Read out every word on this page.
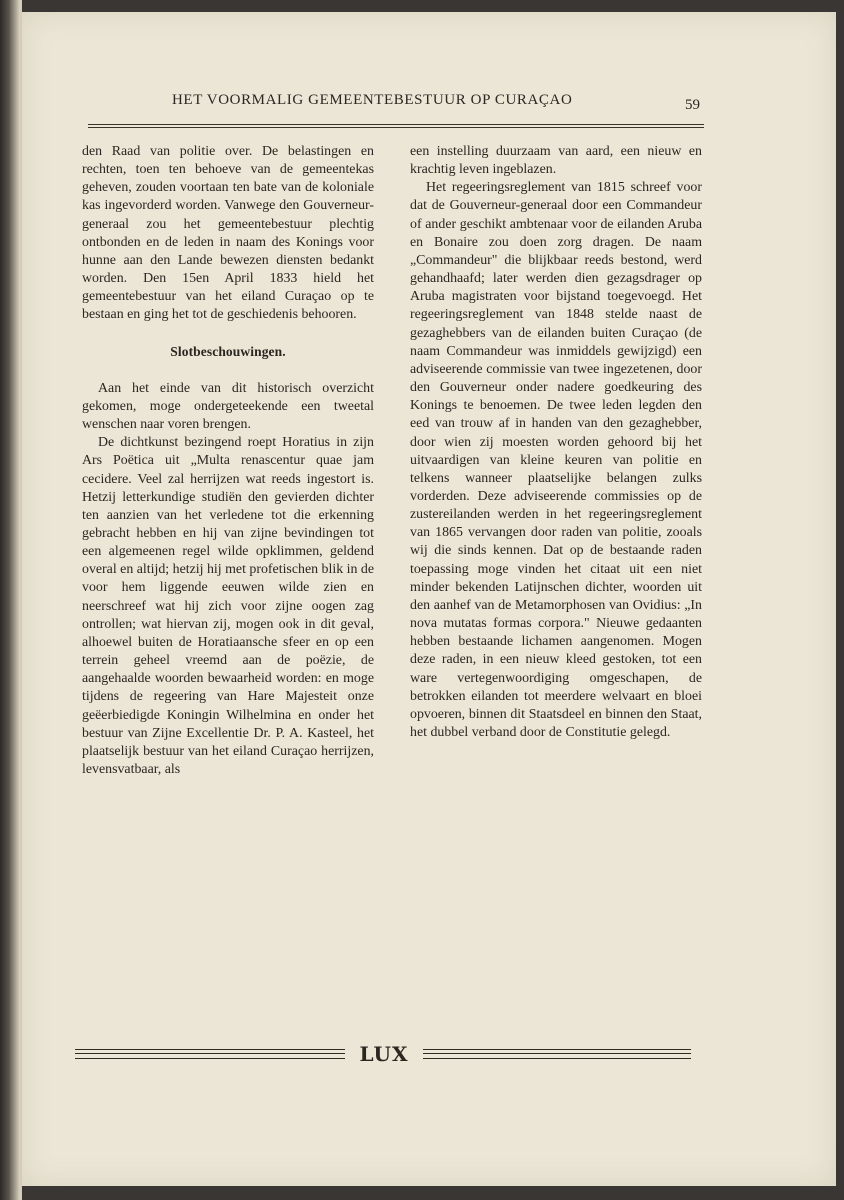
HET VOORMALIG GEMEENTEBESTUUR OP CURAÇAO	59

den Raad van politie over. De belastingen en rechten, toen ten behoeve van de gemeentekas geheven, zouden voortaan ten bate van de koloniale kas ingevorderd worden. Vanwege den Gouverneur-generaal zou het gemeentebestuur plechtig ontbonden en de leden in naam des Konings voor hunne aan den Lande bewezen diensten bedankt worden. Den 15en April 1833 hield het gemeentebestuur van het eiland Curaçao op te bestaan en ging het tot de geschiedenis behooren.

Slotbeschouwingen.

Aan het einde van dit historisch overzicht gekomen, moge ondergeteekende een tweetal wenschen naar voren brengen.

De dichtkunst bezingend roept Horatius in zijn Ars Poëtica uit „Multa renascentur quae jam cecidere. Veel zal herrijzen wat reeds ingestort is. Hetzij letterkundige studiën den gevierden dichter ten aanzien van het verledene tot die erkenning gebracht hebben en hij van zijne bevindingen tot een algemeenen regel wilde opklimmen, geldend overal en altijd; hetzij hij met profetischen blik in de voor hem liggende eeuwen wilde zien en neerschreef wat hij zich voor zijne oogen zag ontrollen; wat hiervan zij, mogen ook in dit geval, alhoewel buiten de Horatiaansche sfeer en op een terrein geheel vreemd aan de poëzie, de aangehaalde woorden bewaarheid worden: en moge tijdens de regeering van Hare Majesteit onze geëerbiedigde Koningin Wilhelmina en onder het bestuur van Zijne Excellentie Dr. P. A. Kasteel, het plaatselijk bestuur van het eiland Curaçao herrijzen, levensvatbaar, als

een instelling duurzaam van aard, een nieuw en krachtig leven ingeblazen.

Het regeeringsreglement van 1815 schreef voor dat de Gouverneur-generaal door een Commandeur of ander geschikt ambtenaar voor de eilanden Aruba en Bonaire zou doen zorg dragen. De naam „Commandeur" die blijkbaar reeds bestond, werd gehandhaafd; later werden dien gezagsdrager op Aruba magistraten voor bijstand toegevoegd. Het regeeringsreglement van 1848 stelde naast de gezaghebbers van de eilanden buiten Curaçao (de naam Commandeur was inmiddels gewijzigd) een adviseerende commissie van twee ingezetenen, door den Gouverneur onder nadere goedkeuring des Konings te benoemen. De twee leden legden den eed van trouw af in handen van den gezaghebber, door wien zij moesten worden gehoord bij het uitvaardigen van kleine keuren van politie en telkens wanneer plaatselijke belangen zulks vorderden. Deze adviseerende commissies op de zustereilanden werden in het regeeringsreglement van 1865 vervangen door raden van politie, zooals wij die sinds kennen. Dat op de bestaande raden toepassing moge vinden het citaat uit een niet minder bekenden Latijnschen dichter, woorden uit den aanhef van de Metamorphosen van Ovidius: „In nova mutatas formas corpora." Nieuwe gedaanten hebben bestaande lichamen aangenomen. Mogen deze raden, in een nieuw kleed gestoken, tot een ware vertegenwoordiging omgeschapen, de betrokken eilanden tot meerdere welvaart en bloei opvoeren, binnen dit Staatsdeel en binnen den Staat, het dubbel verband door de Constitutie gelegd.

LUX
